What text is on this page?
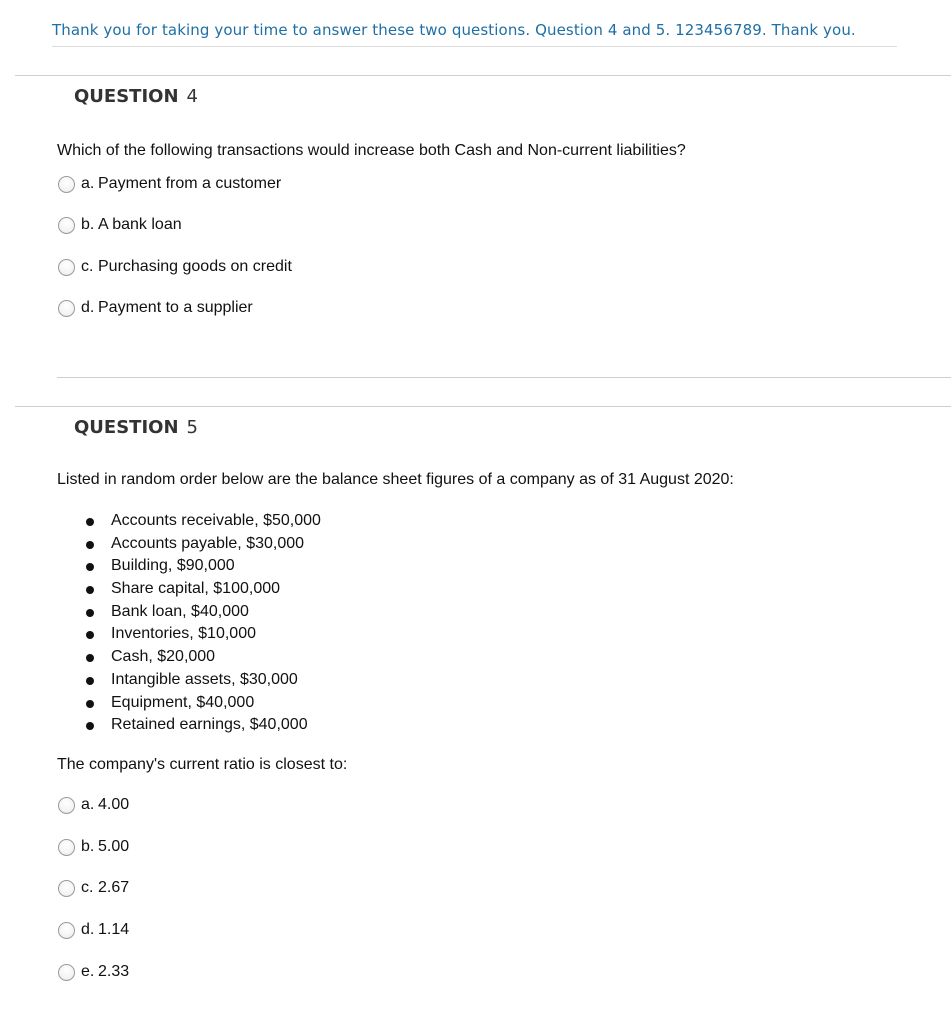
Thank you for taking your time to answer these two questions. Question 4 and 5. 123456789. Thank you.
QUESTION 4
Which of the following transactions would increase both Cash and Non-current liabilities?
a. Payment from a customer
b. A bank loan
c. Purchasing goods on credit
d. Payment to a supplier
QUESTION 5
Listed in random order below are the balance sheet figures of a company as of 31 August 2020:
Accounts receivable, $50,000
Accounts payable, $30,000
Building, $90,000
Share capital, $100,000
Bank loan, $40,000
Inventories, $10,000
Cash, $20,000
Intangible assets, $30,000
Equipment, $40,000
Retained earnings, $40,000
The company's current ratio is closest to:
a. 4.00
b. 5.00
c. 2.67
d. 1.14
e. 2.33
